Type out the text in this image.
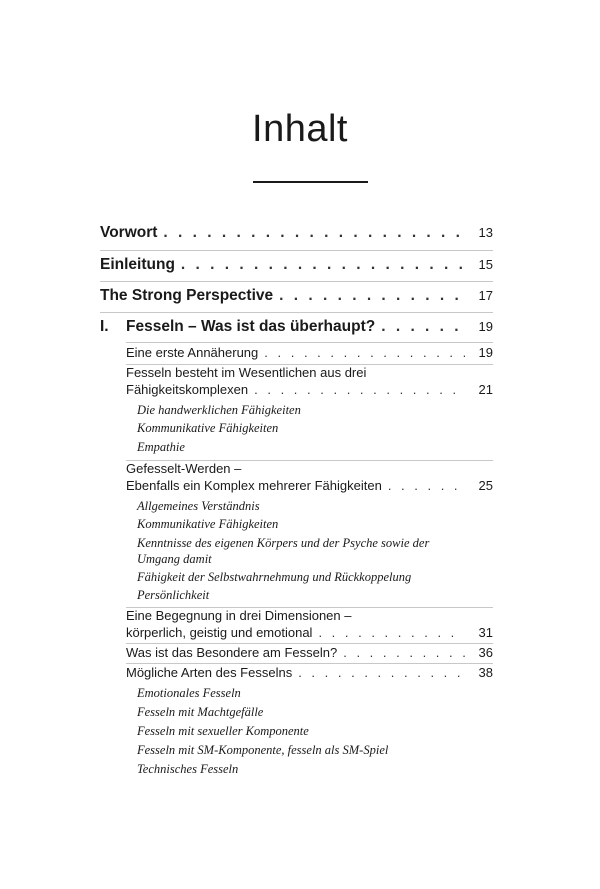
Inhalt
Vorwort . . .	13
Einleitung . . .	15
The Strong Perspective . . .	17
I. Fesseln – Was ist das überhaupt? . . .	19
Eine erste Annäherung . . .	19
Fesseln besteht im Wesentlichen aus drei
Fähigkeitskomplexen . . .	21
Die handwerklichen Fähigkeiten
Kommunikative Fähigkeiten
Empathie
Gefesselt-Werden –
Ebenfalls ein Komplex mehrerer Fähigkeiten . . .	25
Allgemeines Verständnis
Kommunikative Fähigkeiten
Kenntnisse des eigenen Körpers und der Psyche sowie der
Umgang damit
Fähigkeit der Selbstwahrnehmung und Rückkoppelung
Persönlichkeit
Eine Begegnung in drei Dimensionen –
körperlich, geistig und emotional . . .	31
Was ist das Besondere am Fesseln? . . .	36
Mögliche Arten des Fesselns . . .	38
Emotionales Fesseln
Fesseln mit Machtgefälle
Fesseln mit sexueller Komponente
Fesseln mit SM-Komponente, fesseln als SM-Spiel
Technisches Fesseln
